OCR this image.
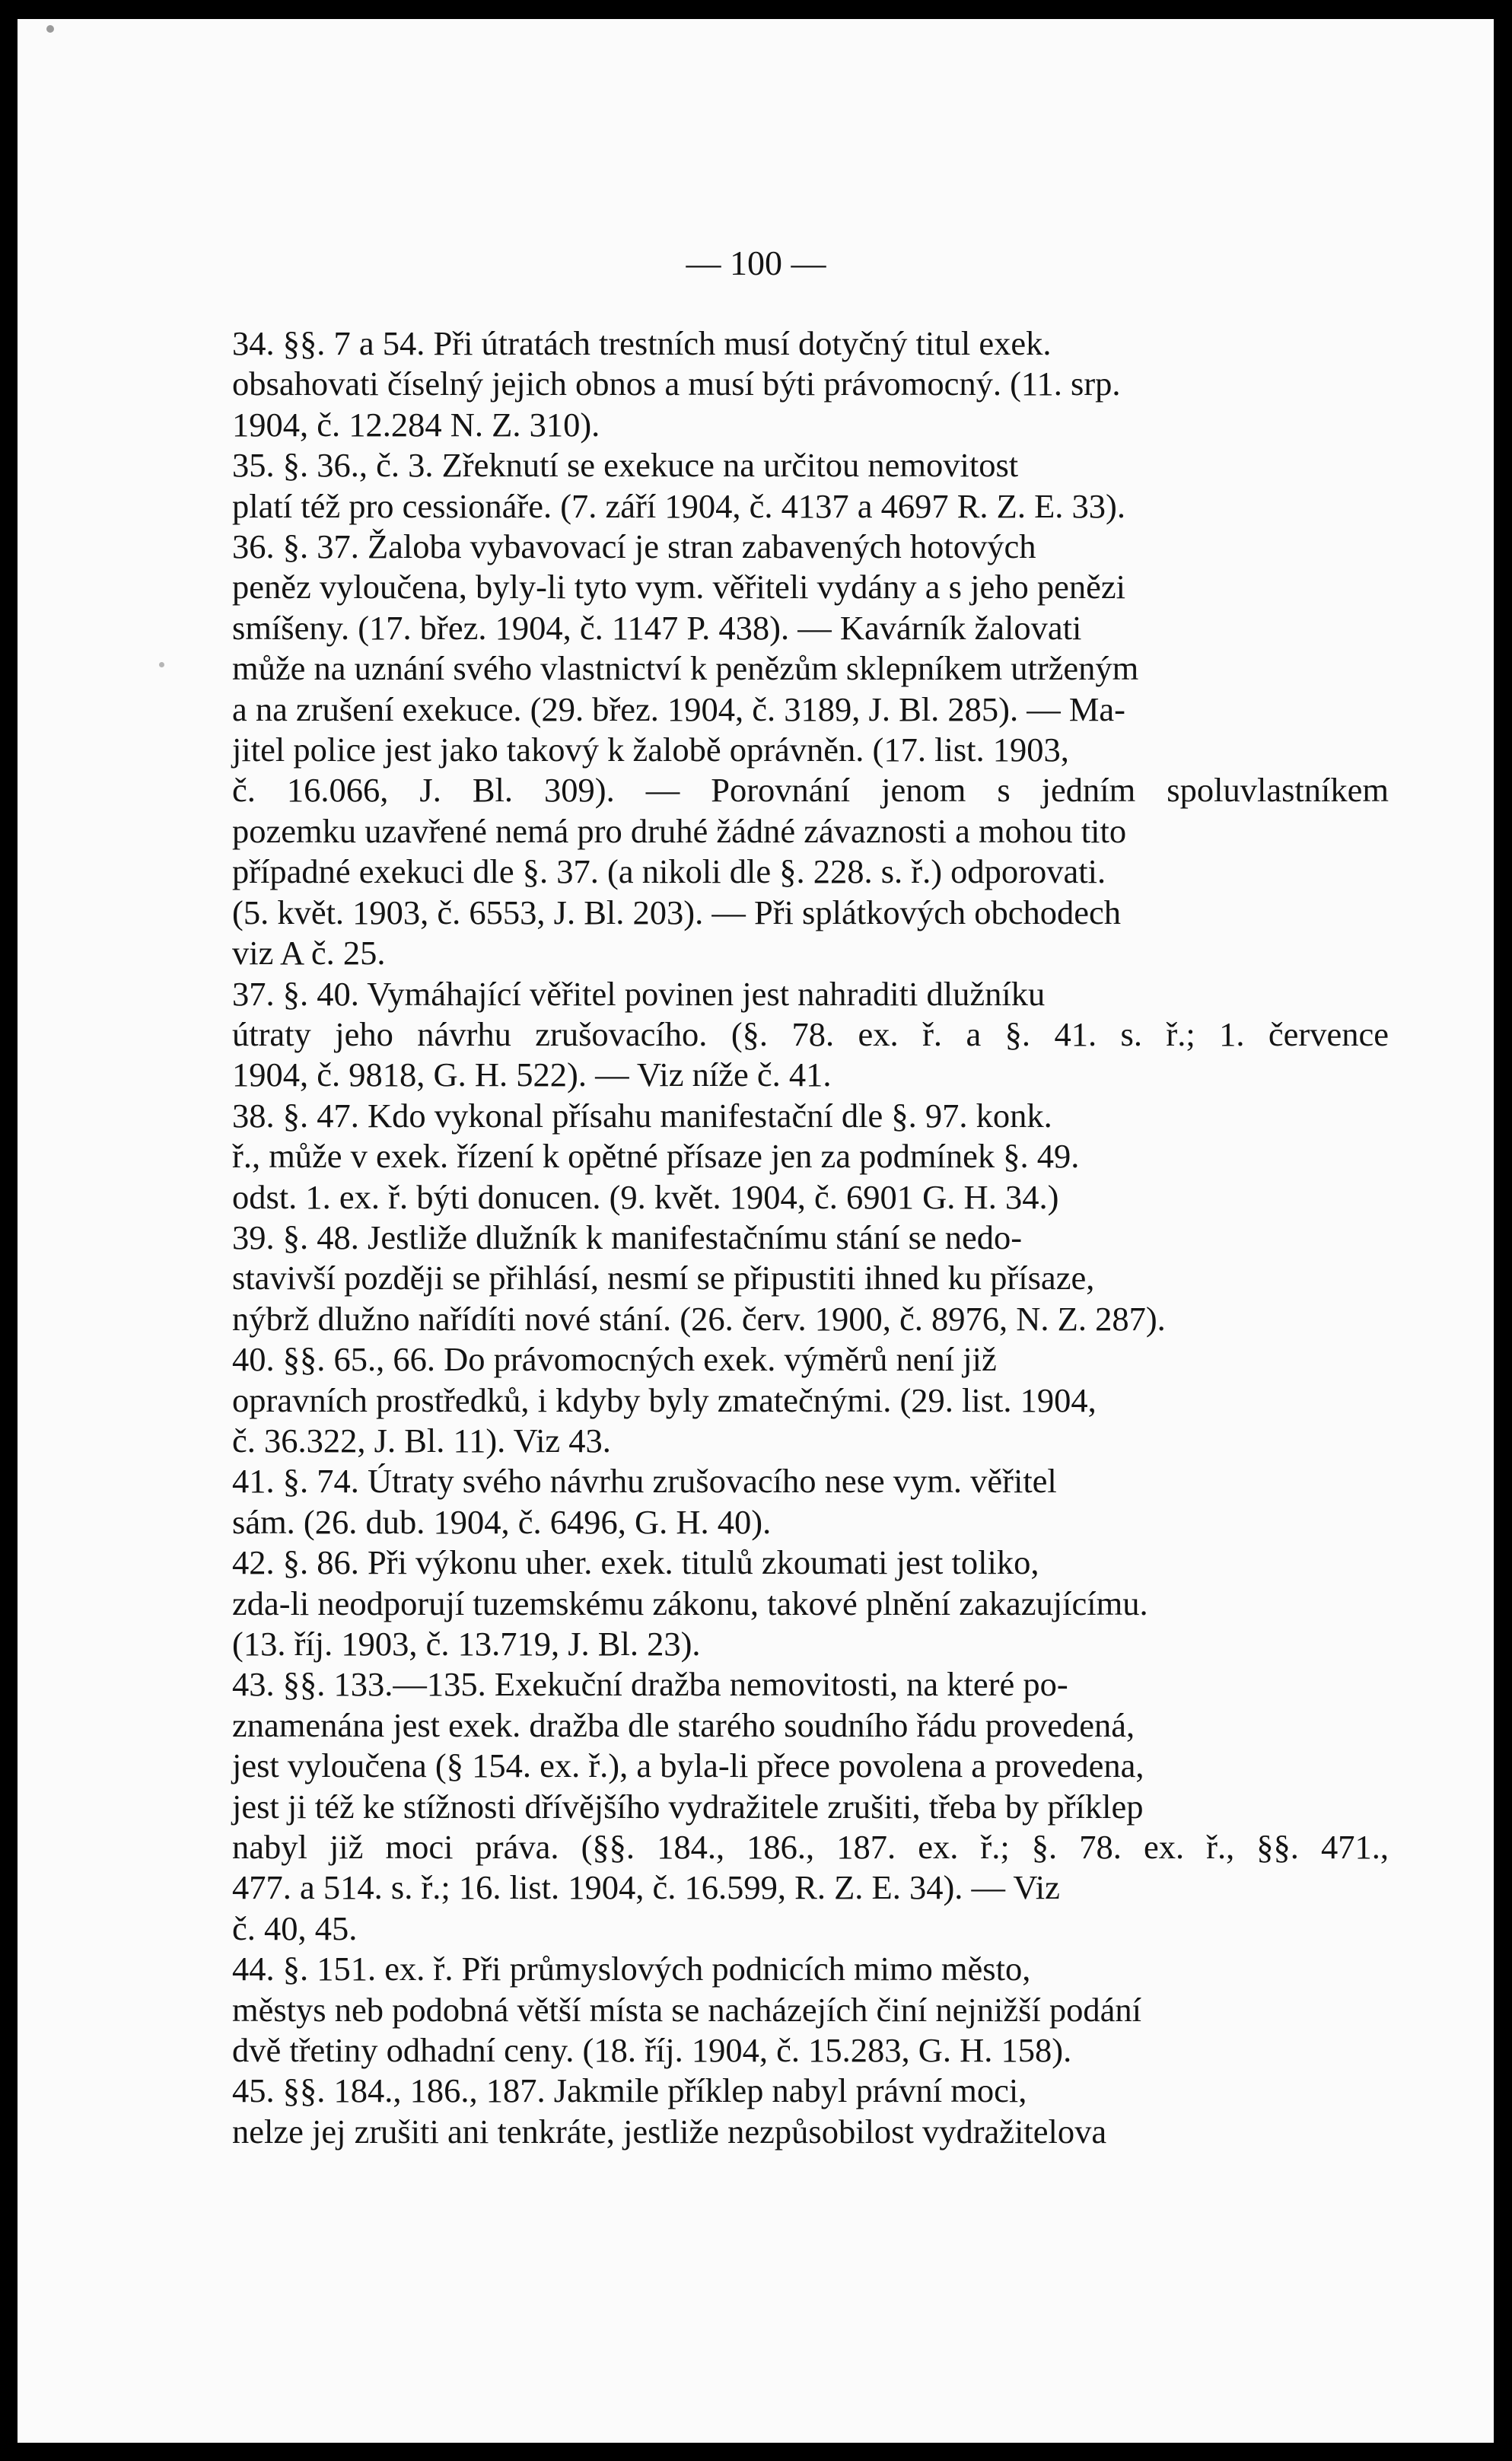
— 100 —

34. §§. 7 a 54. Při útratách trestních musí dotyčný titul exek.
obsahovati číselný jejich obnos a musí býti právomocný. (11. srp.
1904, č. 12.284 N. Z. 310).

35. §. 36., č. 3. Zřeknutí se exekuce na určitou nemovitost
platí též pro cessionáře. (7. září 1904, č. 4137 a 4697 R. Z. E. 33).

36. §. 37. Žaloba vybavovací je stran zabavených hotových
peněz vyloučena, byly-li tyto vym. věřiteli vydány a s jeho penězi
smíšeny. (17. břez. 1904, č. 1147 P. 438). — Kavárník žalovati
může na uznání svého vlastnictví k penězům sklepníkem utrženým
a na zrušení exekuce. (29. břez. 1904, č. 3189, J. Bl. 285). — Ma-
jitel police jest jako takový k žalobě oprávněn. (17. list. 1903,
č. 16.066, J. Bl. 309). — Porovnání jenom s jedním spoluvlastníkem
pozemku uzavřené nemá pro druhé žádné závaznosti a mohou tito
případné exekuci dle §. 37. (a nikoli dle §. 228. s. ř.) odporovati.
(5. květ. 1903, č. 6553, J. Bl. 203). — Při splátkových obchodech
viz A č. 25.

37. §. 40. Vymáhající věřitel povinen jest nahraditi dlužníku
útraty jeho návrhu zrušovacího. (§. 78. ex. ř. a §. 41. s. ř.; 1. července
1904, č. 9818, G. H. 522). — Viz níže č. 41.

38. §. 47. Kdo vykonal přísahu manifestační dle §. 97. konk.
ř., může v exek. řízení k opětné přísaze jen za podmínek §. 49.
odst. 1. ex. ř. býti donucen. (9. květ. 1904, č. 6901 G. H. 34.)

39. §. 48. Jestliže dlužník k manifestačnímu stání se nedo-
stavivší později se přihlásí, nesmí se připustiti ihned ku přísaze,
nýbrž dlužno nařídíti nové stání. (26. červ. 1900, č. 8976, N. Z. 287).

40. §§. 65., 66. Do právomocných exek. výměrů není již
opravních prostředků, i kdyby byly zmatečnými. (29. list. 1904,
č. 36.322, J. Bl. 11). Viz 43.

41. §. 74. Útraty svého návrhu zrušovacího nese vym. věřitel
sám. (26. dub. 1904, č. 6496, G. H. 40).

42. §. 86. Při výkonu uher. exek. titulů zkoumati jest toliko,
zda-li neodporují tuzemskému zákonu, takové plnění zakazujícímu.
(13. říj. 1903, č. 13.719, J. Bl. 23).

43. §§. 133.—135. Exekuční dražba nemovitosti, na které po-
znamenána jest exek. dražba dle starého soudního řádu provedená,
jest vyloučena (§ 154. ex. ř.), a byla-li přece povolena a provedena,
jest ji též ke stížnosti dřívějšího vydražitele zrušiti, třeba by příklep
nabyl již moci práva. (§§. 184., 186., 187. ex. ř.; §. 78. ex. ř., §§. 471.,
477. a 514. s. ř.; 16. list. 1904, č. 16.599, R. Z. E. 34). — Viz
č. 40, 45.

44. §. 151. ex. ř. Při průmyslových podnicích mimo město,
městys neb podobná větší místa se nacházejích činí nejnižší podání
dvě třetiny odhadní ceny. (18. říj. 1904, č. 15.283, G. H. 158).

45. §§. 184., 186., 187. Jakmile příklep nabyl právní moci,
nelze jej zrušiti ani tenkráte, jestliže nezpůsobilost vydražitelova
